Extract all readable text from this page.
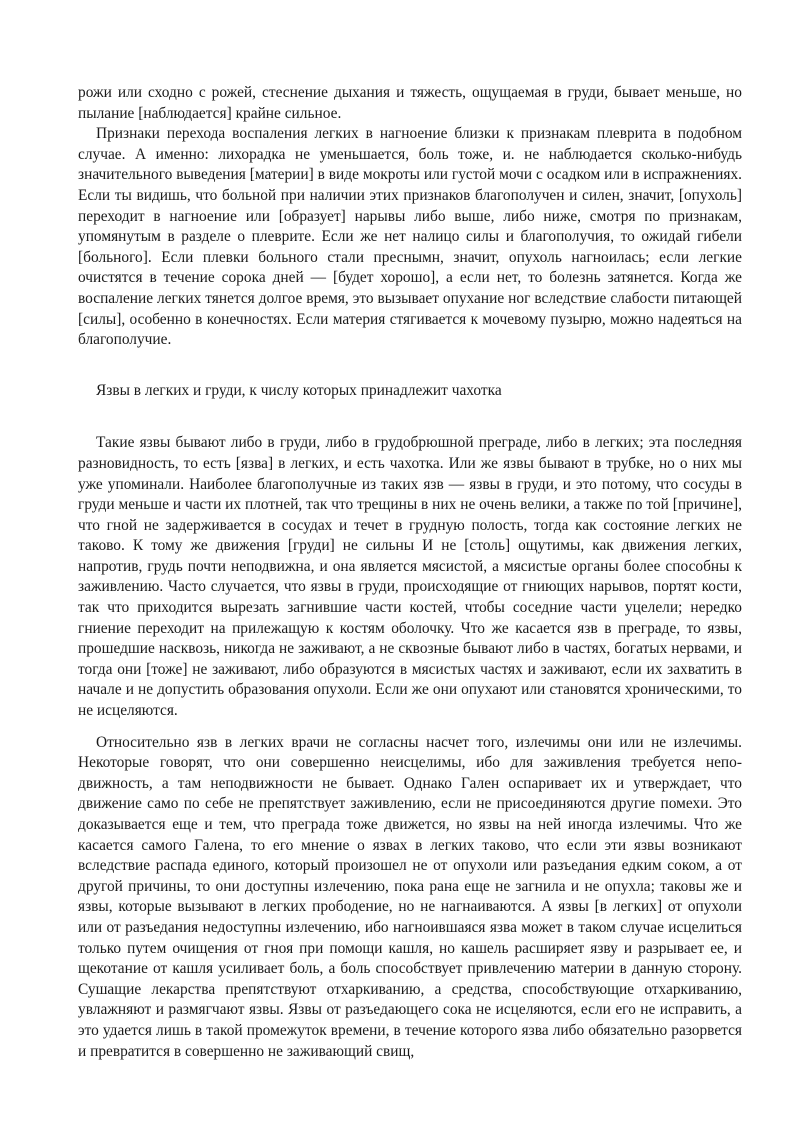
рожи или сходно с рожей, стеснение дыхания и тяжесть, ощущаемая в груди, бывает меньше, но пылание [наблюдается] крайне сильное.

Признаки перехода воспаления легких в нагноение близки к признакам плеврита в подобном случае. А именно: лихорадка не уменьшается, боль тоже, и. не наблюдается сколько-нибудь значительного выведения [материи] в виде мокроты или густой мочи с осадком или в испражнениях. Если ты видишь, что больной при наличии этих признаков благополучен и силен, значит, [опухоль] переходит в нагноение или [образует] нарывы либо выше, либо ниже, смотря по признакам, упомянутым в разделе о плеврите. Если же нет налицо силы и благополучия, то ожидай гибели [больного]. Если плевки больного стали преснымн, значит, опухоль нагноилась; если легкие очистятся в течение сорока дней — [будет хорошо], а если нет, то болезнь затянется. Когда же воспаление легких тянется долгое время, это вызывает опухание ног вследствие слабости питающей [силы], особенно в конечностях. Если материя стягивается к мочевому пузырю, можно надеяться на благополучие.

Язвы в легких и груди, к числу которых принадлежит чахотка

Такие язвы бывают либо в груди, либо в грудобрюшной преграде, либо в легких; эта последняя разновидность, то есть [язва] в легких, и есть чахотка. Или же язвы бывают в трубке, но о них мы уже упоминали. Наиболее благополучные из таких язв — язвы в груди, и это потому, что сосуды в груди меньше и части их плотней, так что трещины в них не очень велики, а также по той [причине], что гной не задерживается в сосудах и течет в грудную полость, тогда как состояние легких не таково. К тому же движения [груди] не сильны И не [столь] ощутимы, как движения легких, напротив, грудь почти неподвижна, и она является мясистой, а мясистые органы более способны к заживлению. Часто случается, что язвы в груди, происходящие от гниющих нарывов, портят кости, так что приходится вырезать загнившие части костей, чтобы соседние части уцелели; нередко гниение переходит на прилежащую к костям оболочку. Что же касается язв в преграде, то язвы, прошедшие насквозь, никогда не заживают, а не сквозные бывают либо в частях, богатых нервами, и тогда они [тоже] не заживают, либо образуются в мясистых частях и заживают, если их захватить в начале и не допустить образования опухоли. Если же они опухают или становятся хроническими, то не исцеляются.

Относительно язв в легких врачи не согласны насчет того, излечимы они или не излечимы. Некоторые говорят, что они совершенно неисцелимы, ибо для заживления требуется непо-движность, а там неподвижности не бывает. Однако Гален оспаривает их и утверждает, что движение само по себе не препятствует заживлению, если не присоединяются другие помехи. Это доказывается еще и тем, что преграда тоже движется, но язвы на ней иногда излечимы. Что же касается самого Галена, то его мнение о язвах в легких таково, что если эти язвы возникают вследствие распада единого, который произошел не от опухоли или разъедания едким соком, а от другой причины, то они доступны излечению, пока рана еще не загнила и не опухла; таковы же и язвы, которые вызывают в легких прободение, но не нагнаиваются. А язвы [в легких] от опухоли или от разъедания недоступны излечению, ибо нагноившаяся язва может в таком случае исцелиться только путем очищения от гноя при помощи кашля, но кашель расширяет язву и разрывает ее, и щекотание от кашля усиливает боль, а боль способствует привлечению материи в данную сторону. Сушащие лекарства препятствуют отхаркиванию, а средства, способствующие отхаркиванию, увлажняют и размягчают язвы. Язвы от разъедающего сока не исцеляются, если его не исправить, а это удается лишь в такой промежуток времени, в течение которого язва либо обязательно разорвется и превратится в совершенно не заживающий свищ,
